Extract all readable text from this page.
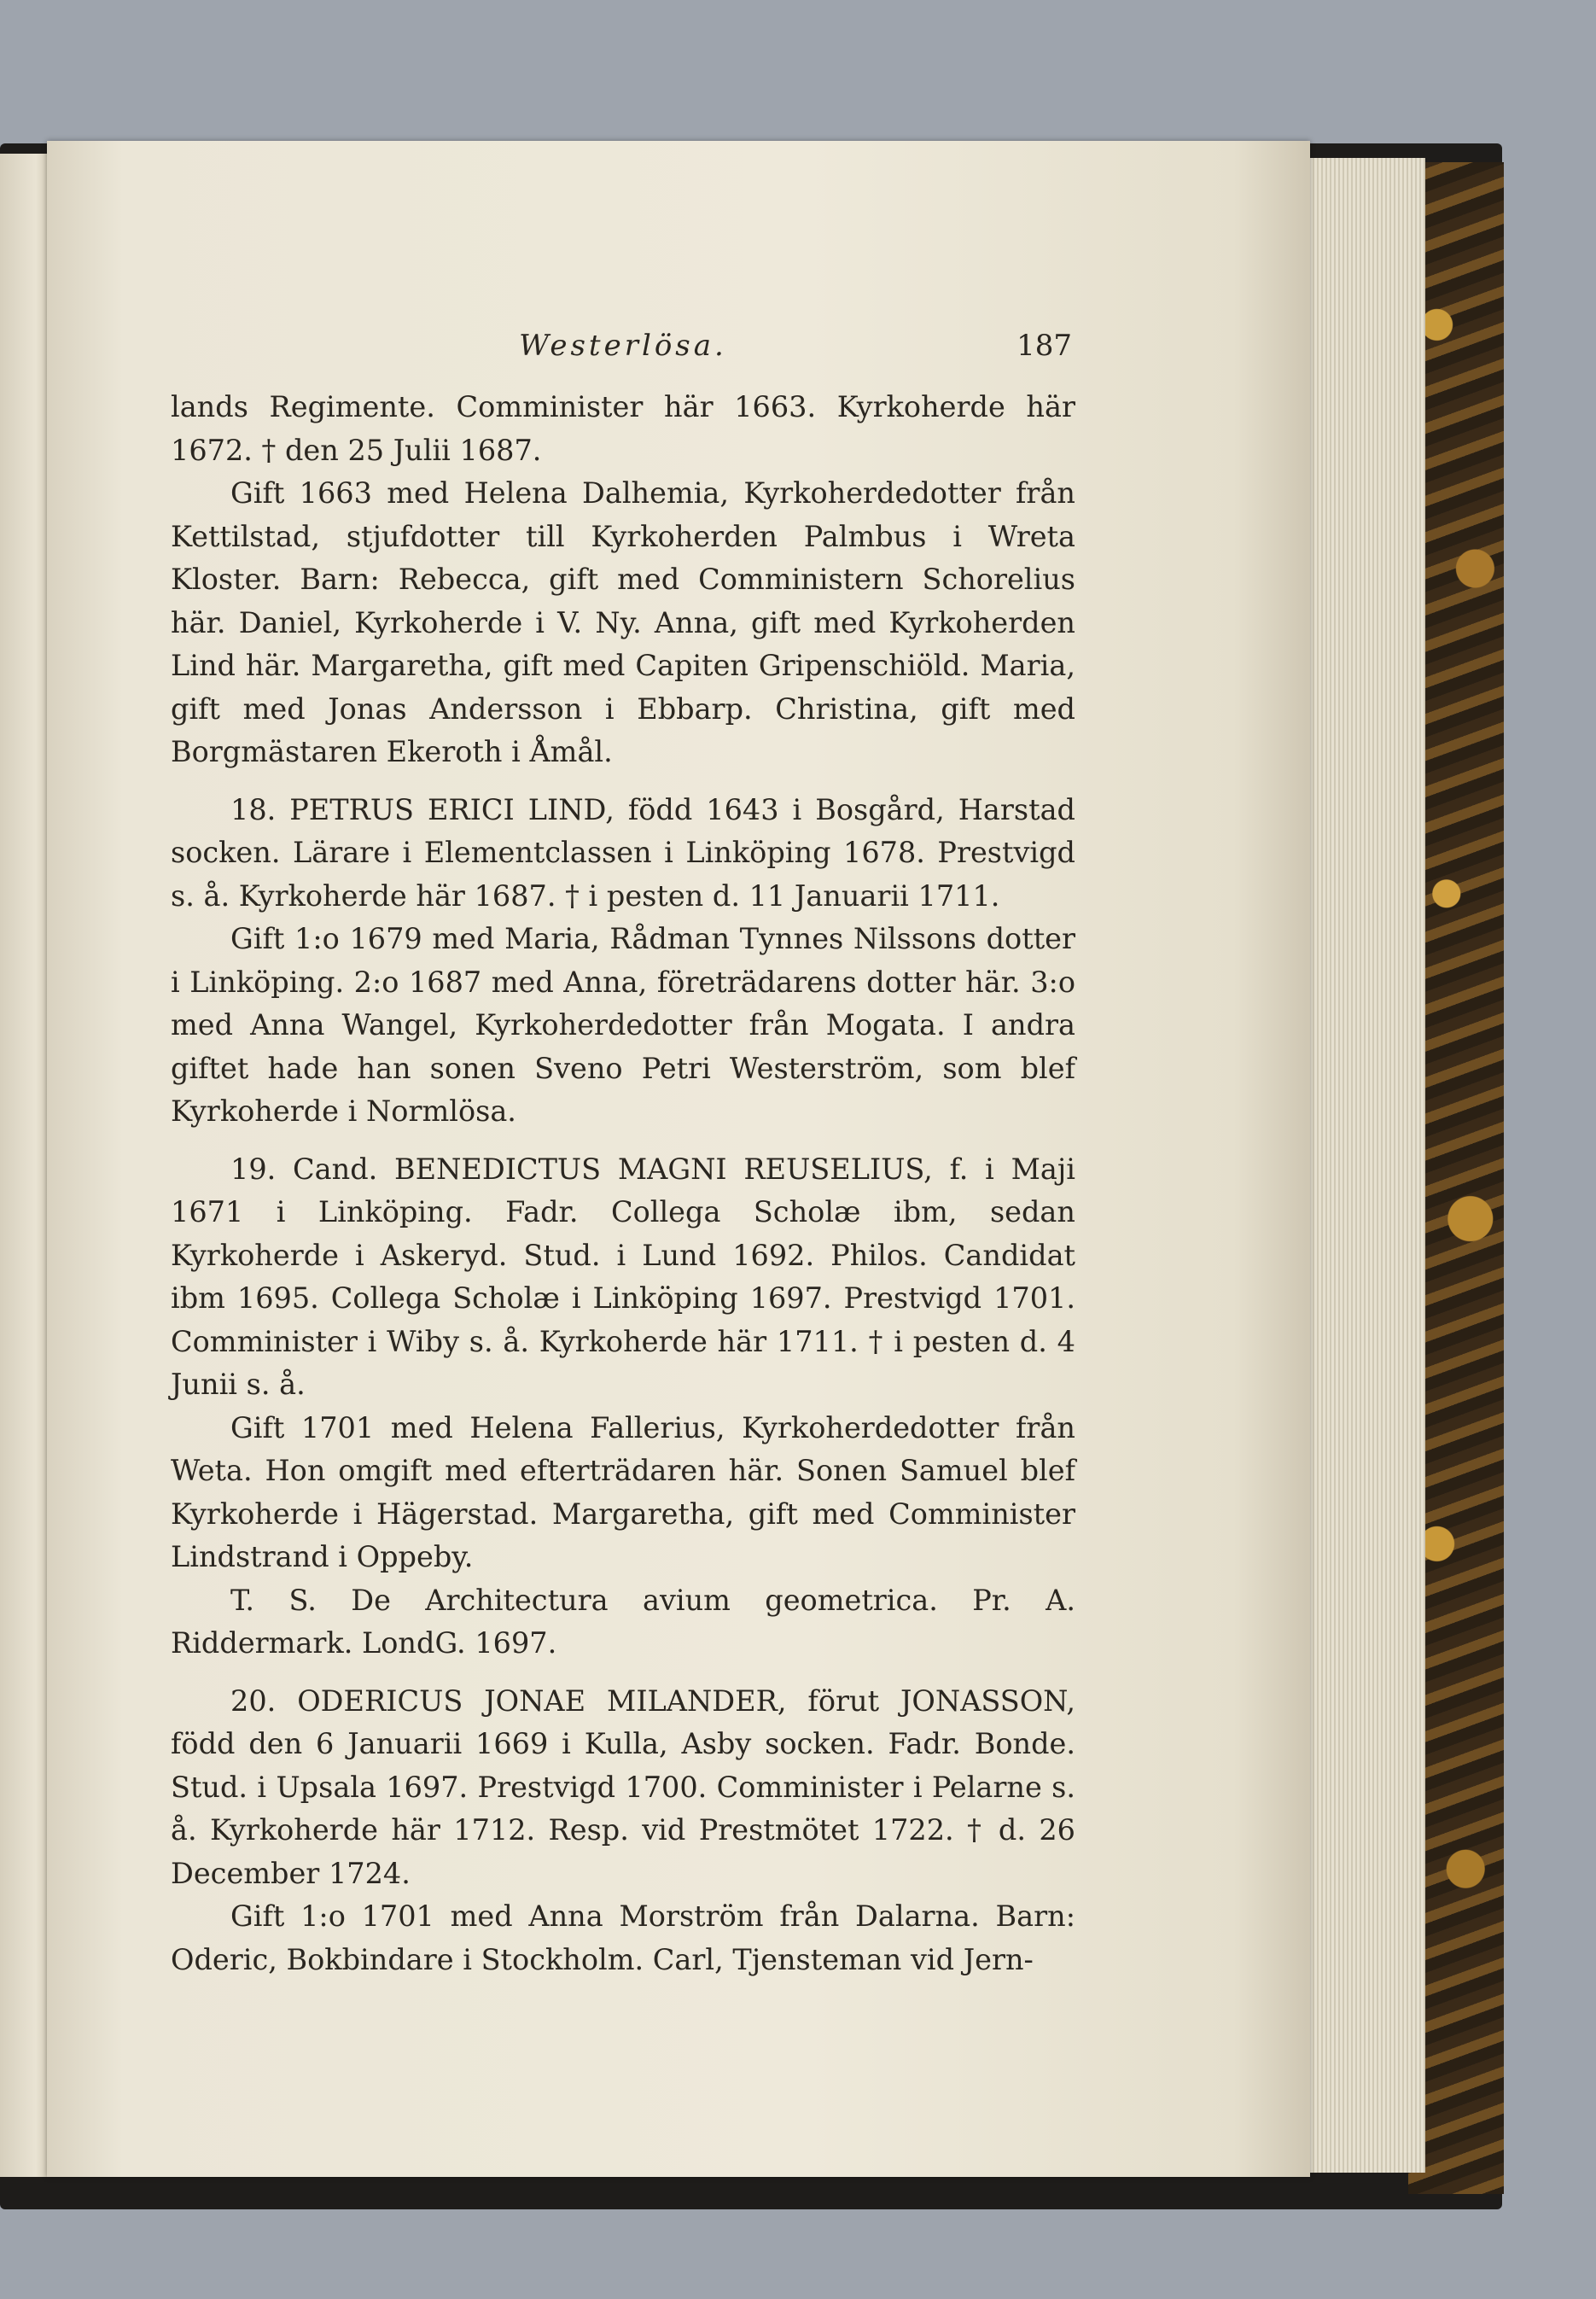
Westerlösa.	187

lands Regimente. Comminister här 1663. Kyrkoherde här 1672. † den 25 Julii 1687.

Gift 1663 med Helena Dalhemia, Kyrkoherdedotter från Kettilstad, stjufdotter till Kyrkoherden Palmbus i Wreta Kloster. Barn: Rebecca, gift med Comministern Schorelius här. Daniel, Kyrkoherde i V. Ny. Anna, gift med Kyrkoherden Lind här. Margaretha, gift med Capiten Gripenschiöld. Maria, gift med Jonas Andersson i Ebbarp. Christina, gift med Borgmästaren Ekeroth i Åmål.

18. PETRUS ERICI LIND, född 1643 i Bosgård, Harstad socken. Lärare i Elementclassen i Linköping 1678. Prestvigd s. å. Kyrkoherde här 1687. † i pesten d. 11 Januarii 1711.

Gift 1:o 1679 med Maria, Rådman Tynnes Nilssons dotter i Linköping. 2:o 1687 med Anna, företrädarens dotter här. 3:o med Anna Wangel, Kyrkoherdedotter från Mogata. I andra giftet hade han sonen Sveno Petri Westerström, som blef Kyrkoherde i Normlösa.

19. Cand. BENEDICTUS MAGNI REUSELIUS, f. i Maji 1671 i Linköping. Fadr. Collega Scholæ ibm, sedan Kyrkoherde i Askeryd. Stud. i Lund 1692. Philos. Candidat ibm 1695. Collega Scholæ i Linköping 1697. Prestvigd 1701. Comminister i Wiby s. å. Kyrkoherde här 1711. † i pesten d. 4 Junii s. å.

Gift 1701 med Helena Fallerius, Kyrkoherdedotter från Weta. Hon omgift med efterträdaren här. Sonen Samuel blef Kyrkoherde i Hägerstad. Margaretha, gift med Comminister Lindstrand i Oppeby.

T. S. De Architectura avium geometrica. Pr. A. Riddermark. LondG. 1697.

20. ODERICUS JONAE MILANDER, förut JONASSON, född den 6 Januarii 1669 i Kulla, Asby socken. Fadr. Bonde. Stud. i Upsala 1697. Prestvigd 1700. Comminister i Pelarne s. å. Kyrkoherde här 1712. Resp. vid Prestmötet 1722. † d. 26 December 1724.

Gift 1:o 1701 med Anna Morström från Dalarna. Barn: Oderic, Bokbindare i Stockholm. Carl, Tjensteman vid Jern-
